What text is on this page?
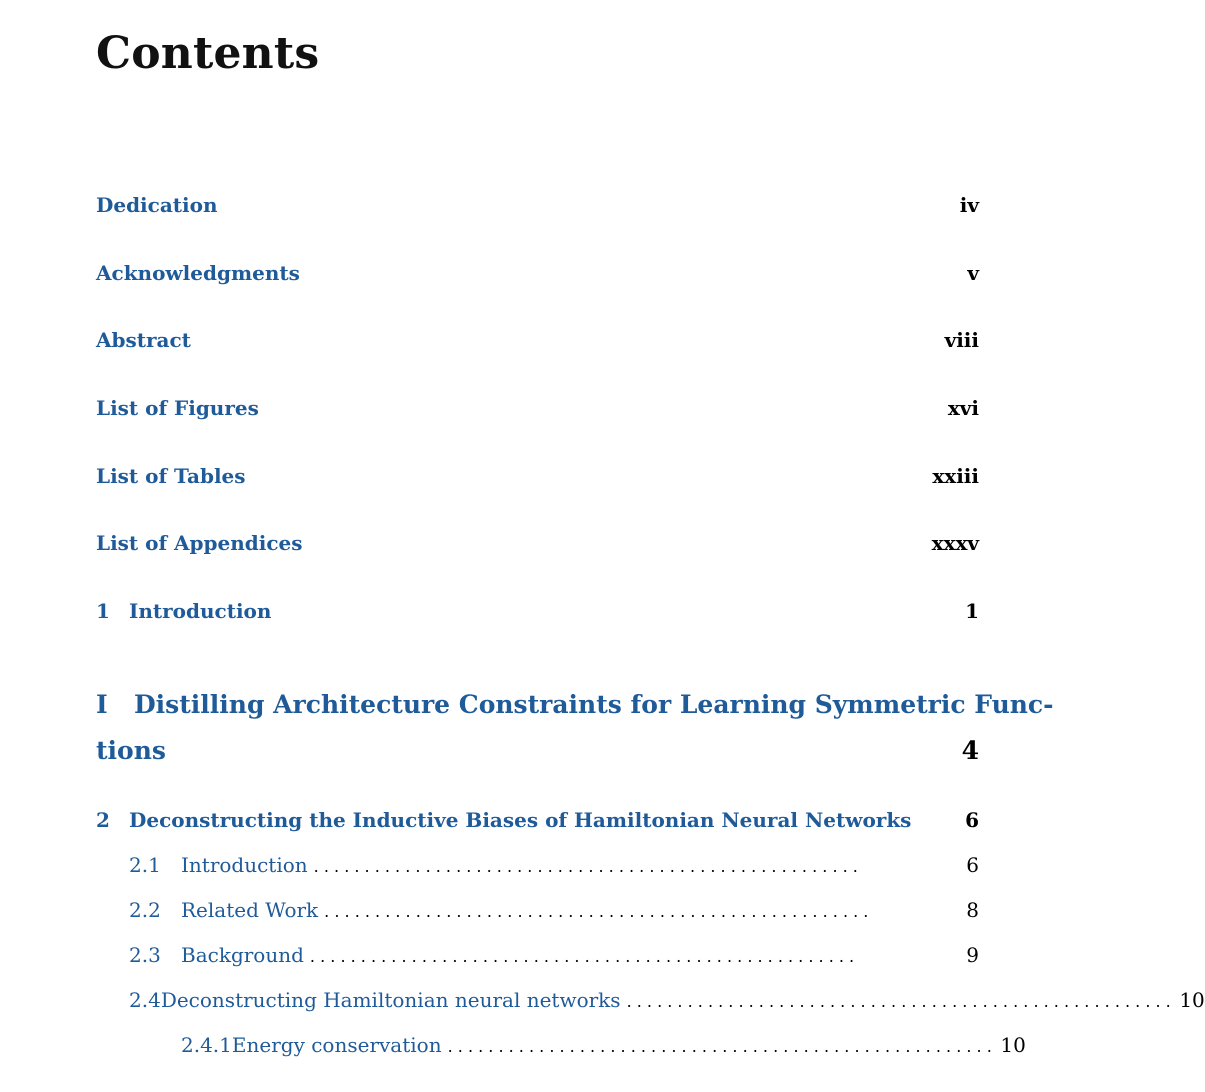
Contents
Dedication	iv
Acknowledgments	v
Abstract	viii
List of Figures	xvi
List of Tables	xxiii
List of Appendices	xxxv
1 Introduction	1
I Distilling Architecture Constraints for Learning Symmetric Func-
tions	4
2 Deconstructing the Inductive Biases of Hamiltonian Neural Networks	6
2.1	Introduction . . . . . . . . . . . . . . . . . . . . . . . . . . . . . . . . . . . . . . . . . . . . . . . . . . . . . .	6
2.2	Related Work . . . . . . . . . . . . . . . . . . . . . . . . . . . . . . . . . . . . . . . . . . . . . . . . . . . . . .	8
2.3	Background . . . . . . . . . . . . . . . . . . . . . . . . . . . . . . . . . . . . . . . . . . . . . . . . . . . . . .	9
2.4 Deconstructing Hamiltonian neural networks . . . . . . . . . . . . . . . . . . . . . . . . . . . . . . . . . . . . . . . . . . . . . . . . . . . . . . 10
2.4.1 Energy conservation . . . . . . . . . . . . . . . . . . . . . . . . . . . . . . . . . . . . . . . . . . . . . . . . . . . . . . 10
